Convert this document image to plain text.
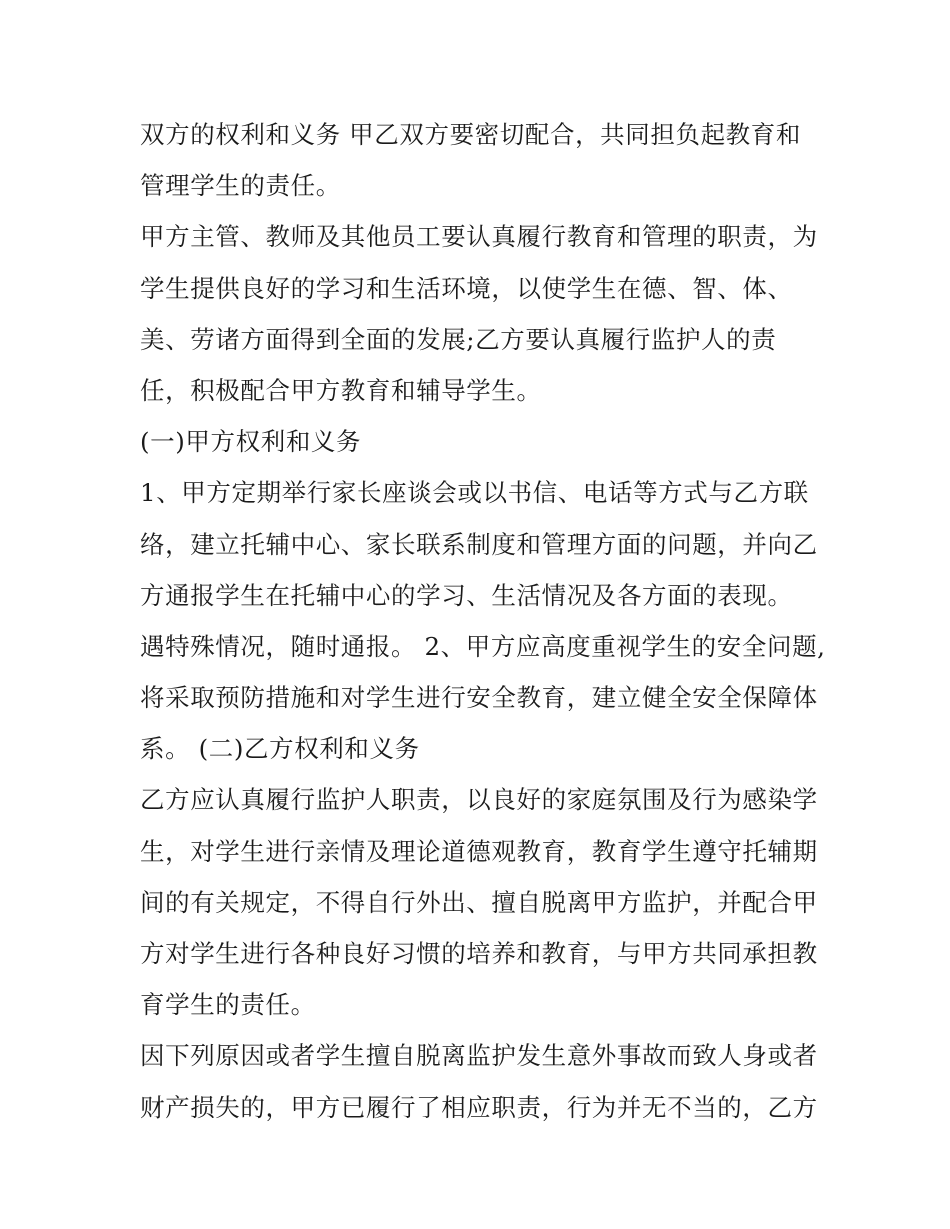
双方的权利和义务 甲乙双方要密切配合，共同担负起教育和
管理学生的责任。
甲方主管、教师及其他员工要认真履行教育和管理的职责，为
学生提供良好的学习和生活环境，以使学生在德、智、体、
美、劳诸方面得到全面的发展;乙方要认真履行监护人的责
任，积极配合甲方教育和辅导学生。
(一)甲方权利和义务
1、甲方定期举行家长座谈会或以书信、电话等方式与乙方联
络，建立托辅中心、家长联系制度和管理方面的问题，并向乙
方通报学生在托辅中心的学习、生活情况及各方面的表现。
遇特殊情况，随时通报。 2、甲方应高度重视学生的安全问题,
将采取预防措施和对学生进行安全教育，建立健全安全保障体
系。 (二)乙方权利和义务
乙方应认真履行监护人职责，以良好的家庭氛围及行为感染学
生，对学生进行亲情及理论道德观教育，教育学生遵守托辅期
间的有关规定，不得自行外出、擅自脱离甲方监护，并配合甲
方对学生进行各种良好习惯的培养和教育，与甲方共同承担教
育学生的责任。
因下列原因或者学生擅自脱离监护发生意外事故而致人身或者
财产损失的，甲方已履行了相应职责，行为并无不当的，乙方
